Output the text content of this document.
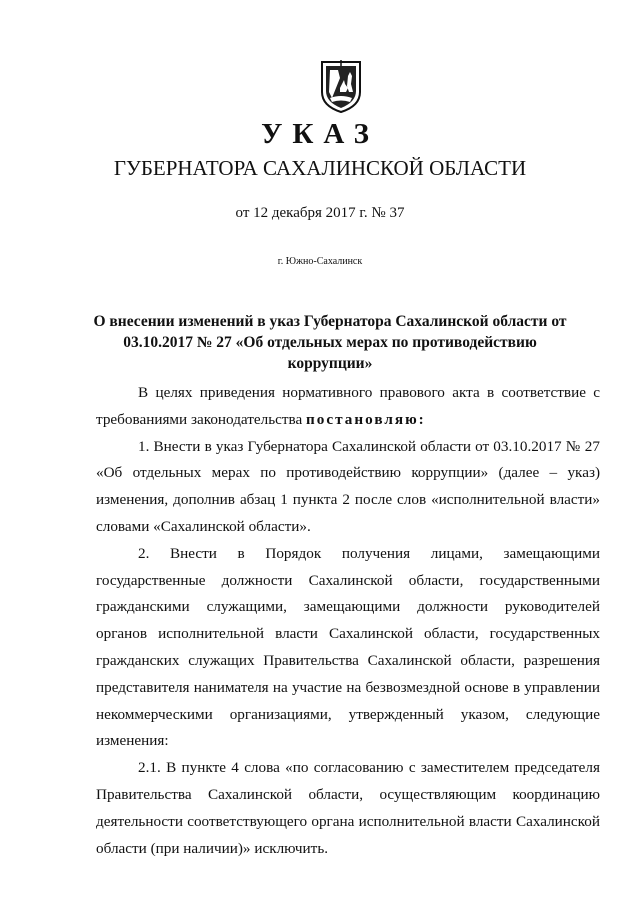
УКАЗ
ГУБЕРНАТОРА САХАЛИНСКОЙ ОБЛАСТИ
от 12 декабря 2017 г. № 37
г. Южно-Сахалинск
О внесении изменений в указ Губернатора Сахалинской области от
03.10.2017 № 27 «Об отдельных мерах по противодействию коррупции»

В целях приведения нормативного правового акта в соответствие с требованиями законодательства постановляю:

1. Внести в указ Губернатора Сахалинской области от 03.10.2017 № 27 «Об отдельных мерах по противодействию коррупции» (далее – указ) изменения, дополнив абзац 1 пункта 2 после слов «исполнительной власти» словами «Сахалинской области».

2. Внести в Порядок получения лицами, замещающими государственные должности Сахалинской области, государственными гражданскими служащими, замещающими должности руководителей органов исполнительной власти Сахалинской области, государственных гражданских служащих Правительства Сахалинской области, разрешения представителя нанимателя на участие на безвозмездной основе в управлении некоммерческими организациями, утвержденный указом, следующие изменения:

2.1. В пункте 4 слова «по согласованию с заместителем председателя Правительства Сахалинской области, осуществляющим координацию деятельности соответствующего органа исполнительной власти Сахалинской области (при наличии)» исключить.
